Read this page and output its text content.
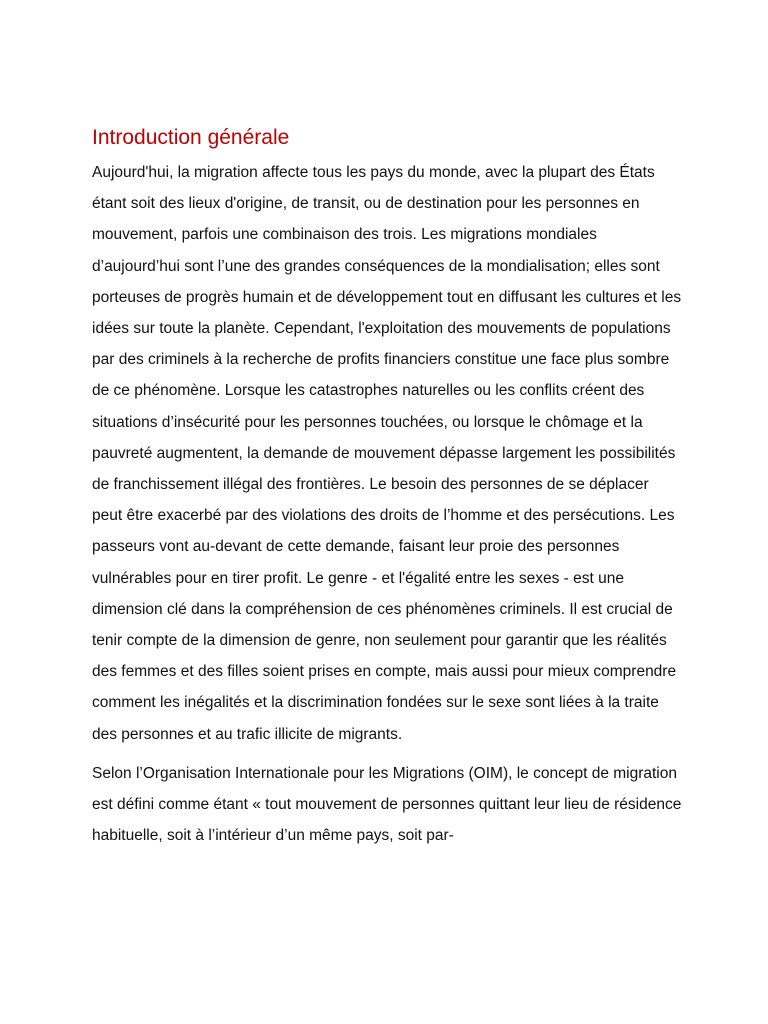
Introduction générale

Aujourd'hui, la migration affecte tous les pays du monde, avec la plupart des États étant soit des lieux d'origine, de transit, ou de destination pour les personnes en mouvement, parfois une combinaison des trois. Les migrations mondiales d’aujourd’hui sont l’une des grandes conséquences de la mondialisation; elles sont porteuses de progrès humain et de développement tout en diffusant les cultures et les idées sur toute la planète. Cependant, l'exploitation des mouvements de populations par des criminels à la recherche de profits financiers constitue une face plus sombre de ce phénomène. Lorsque les catastrophes naturelles ou les conflits créent des situations d’insécurité pour les personnes touchées, ou lorsque le chômage et la pauvreté augmentent, la demande de mouvement dépasse largement les possibilités de franchissement illégal des frontières. Le besoin des personnes de se déplacer peut être exacerbé par des violations des droits de l’homme et des persécutions. Les passeurs vont au-devant de cette demande, faisant leur proie des personnes vulnérables pour en tirer profit. Le genre - et l'égalité entre les sexes - est une dimension clé dans la compréhension de ces phénomènes criminels. Il est crucial de tenir compte de la dimension de genre, non seulement pour garantir que les réalités des femmes et des filles soient prises en compte, mais aussi pour mieux comprendre comment les inégalités et la discrimination fondées sur le sexe sont liées à la traite des personnes et au trafic illicite de migrants.

Selon l’Organisation Internationale pour les Migrations (OIM), le concept de migration est défini comme étant « tout mouvement de personnes quittant leur lieu de résidence habituelle, soit à l’intérieur d’un même pays, soit par-
